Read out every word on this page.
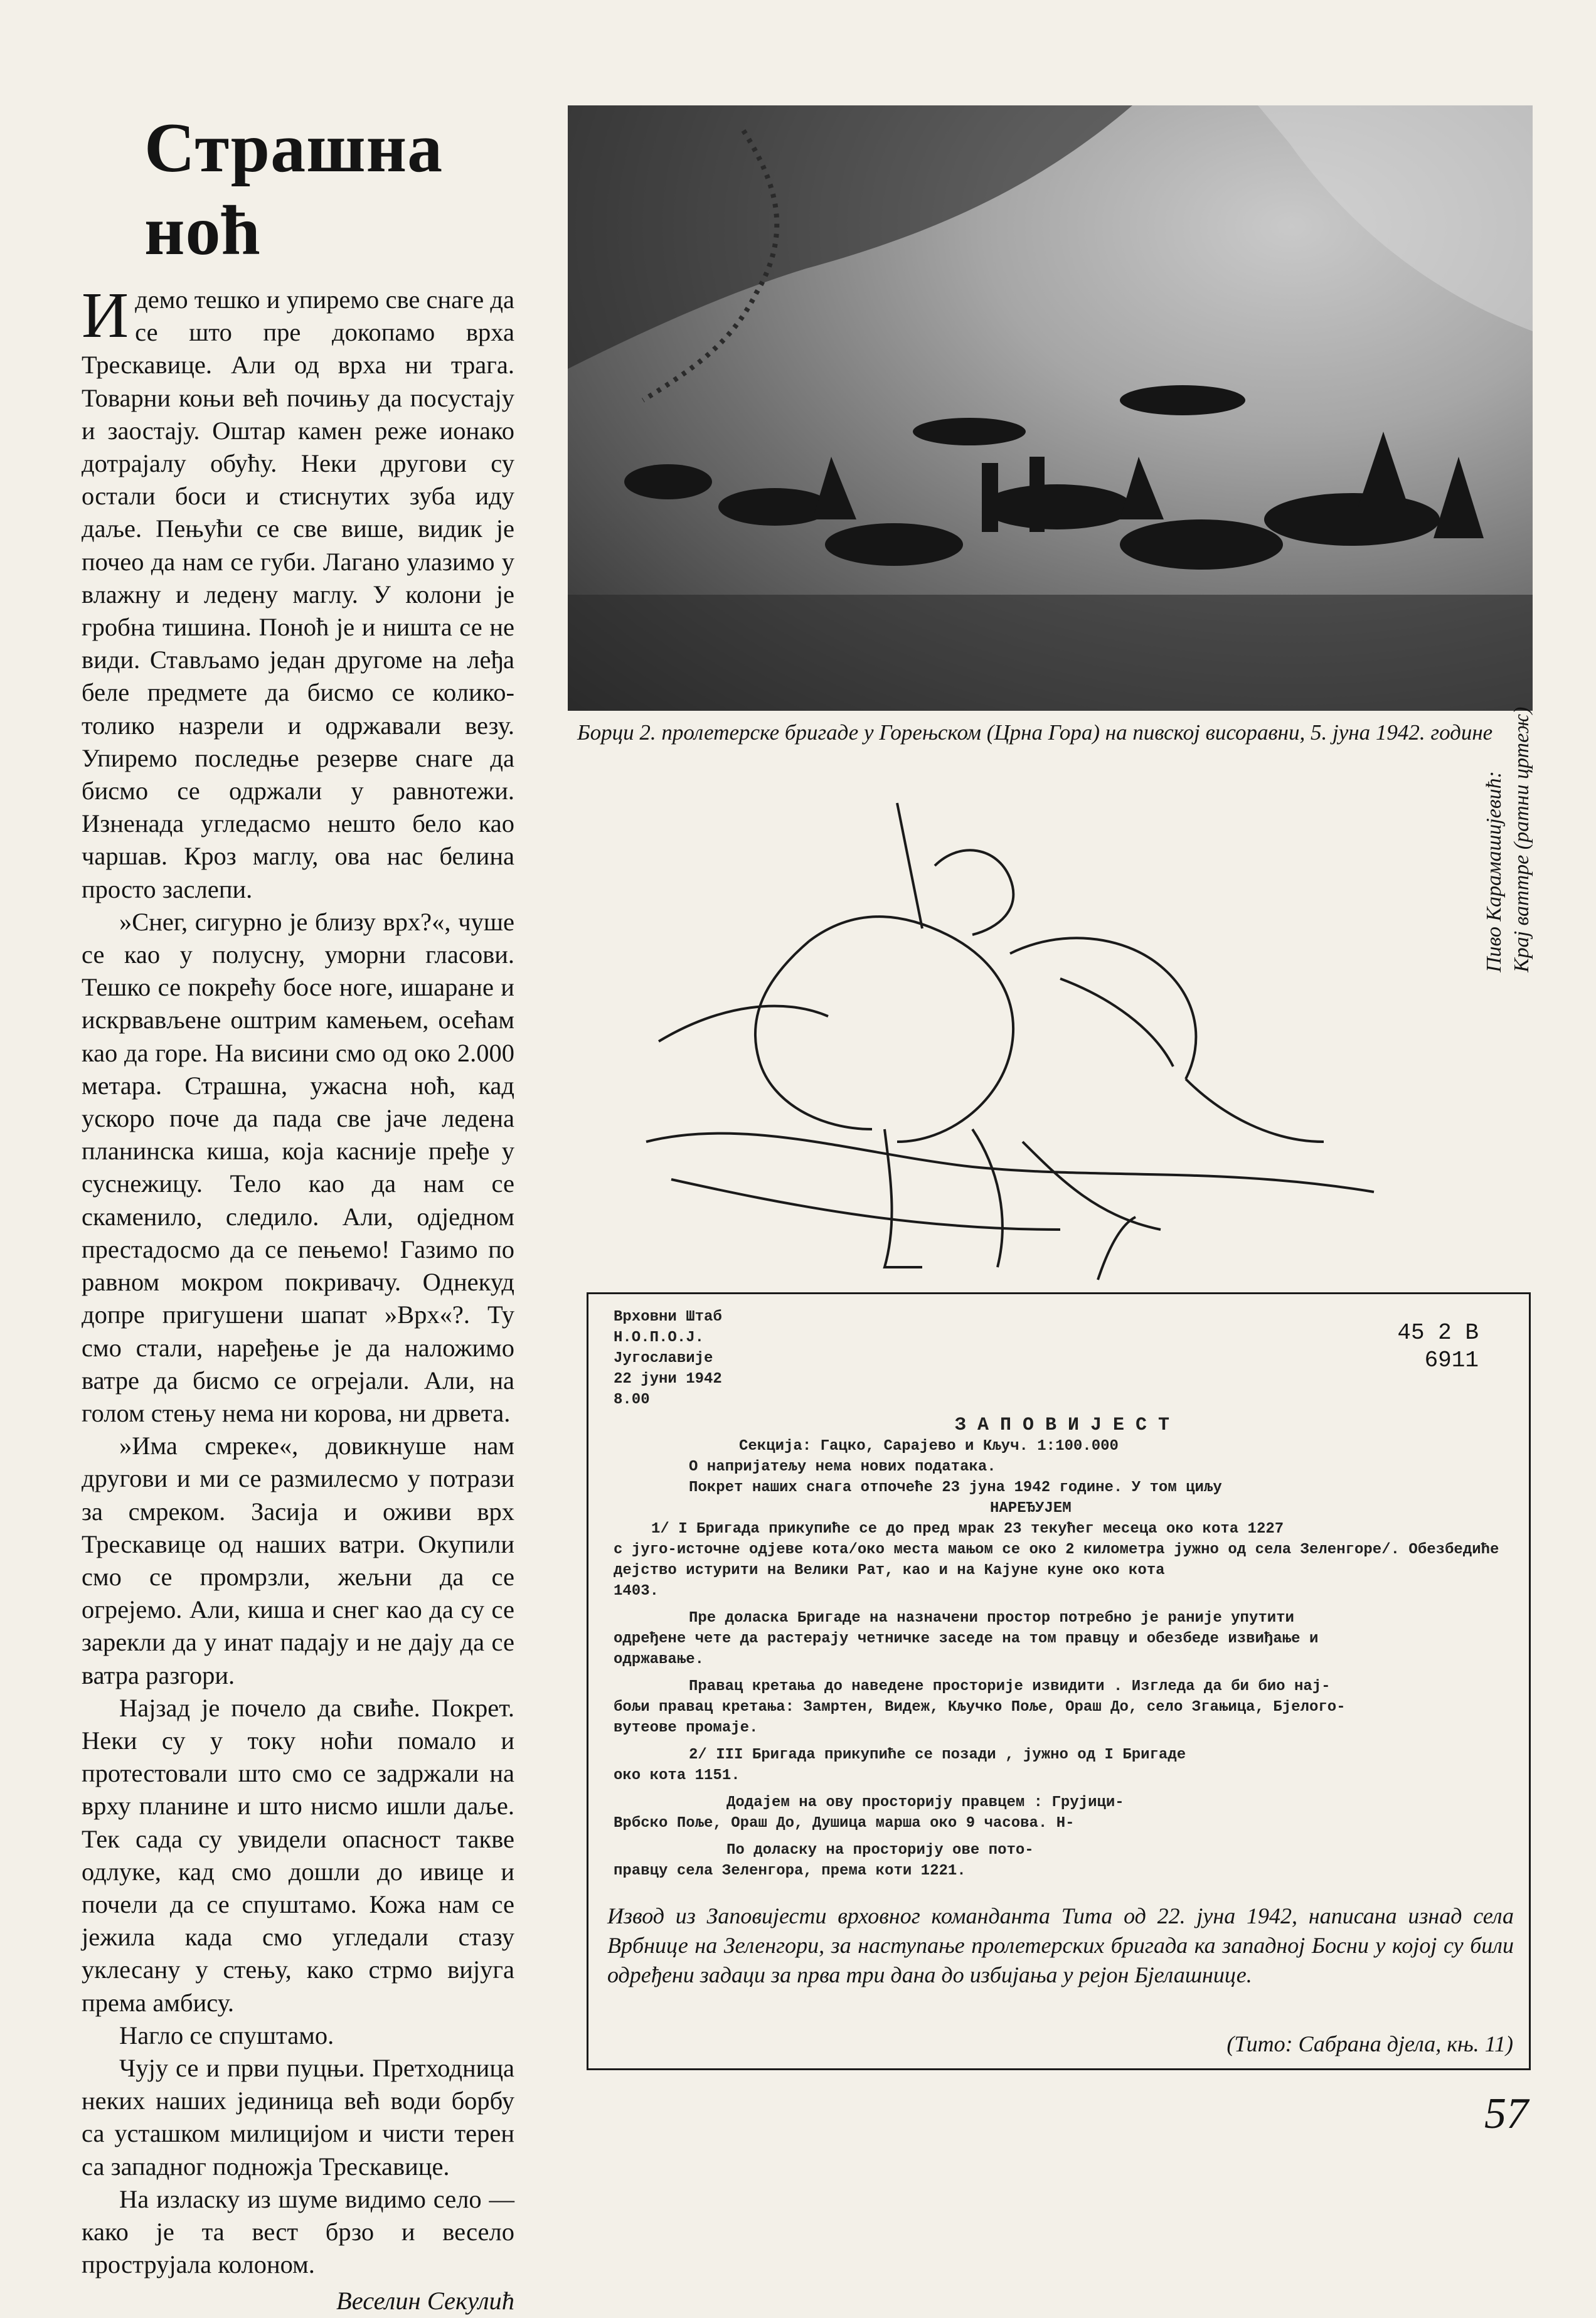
Страшна
ноћ

Идемо тешко и упиремо све снаге да се што пре докопамо врха Трескавице. Али од врха ни трага. Товарни коњи већ почињу да посустају и заостају. Оштар камен реже ионако дотрајалу обућу. Неки другови су остали боси и стиснутих зуба иду даље. Пењући се све више, видик је почео да нам се губи. Лагано улазимо у влажну и ледену маглу. У колони је гробна тишина. Поноћ је и ништа се не види. Стављамо један другоме на леђа беле предмете да бисмо се колико-толико назрели и одржавали везу. Упиремо последње резерве снаге да бисмо се одржали у равнотежи. Изненада угледасмо нешто бело као чаршав. Кроз маглу, ова нас белина просто заслепи.

»Снег, сигурно је близу врх?«, чуше се као у полусну, уморни гласови. Тешко се покрећу босе ноге, ишаране и искрвављене оштрим камењем, осећам као да горе. На висини смо од око 2.000 метара. Страшна, ужасна ноћ, кад ускоро поче да пада све јаче ледена планинска киша, која касније пређе у суснежицу. Тело као да нам се скаменило, следило. Али, одједном престадосмо да се пењемо! Газимо по равном мокром покривачу. Однекуд допре пригушени шапат »Врх«?. Ту смо стали, наређење је да наложимо ватре да бисмо се огрејали. Али, на голом стењу нема ни корова, ни дрвета.

»Има смреке«, довикнуше нам другови и ми се размилесмо у потрази за смреком. Засија и оживи врх Трескавице од наших ватри. Окупили смо се промрзли, жељни да се огрејемо. Али, киша и снег као да су се зарекли да у инат падају и не дају да се ватра разгори.

Најзад је почело да свиће. Покрет. Неки су у току ноћи помало и протестовали што смо се задржали на врху планине и што нисмо ишли даље. Тек сада су увидели опасност такве одлуке, кад смо дошли до ивице и почели да се спуштамо. Кожа нам се јежила када смо угледали стазу уклесану у стењу, како стрмо вијуга према амбису.

Нагло се спуштамо.

Чују се и први пуцњи. Претходница неких наших јединица већ води борбу са усташком милицијом и чисти терен са западног подножја Трескавице.

На изласку из шуме видимо село — како је та вест брзо и весело прострујала колоном.

Веселин Секулић

Борци 2. пролетерске бригаде у Горењском (Црна Гора) на пивској висоравни, 5. јуна 1942. године

Пиво Карамашијевић: Крај ваттре (ратни цртеж)
Врховни Штаб
Н.О.П.О.Ј.
Југославије
22 јуни 1942
8.00
З А П О В И Ј Е С Т
Секција: Гацко, Сарајево и Кључ. 1:100.000
О напријатељу нема нових података.
Покрет наших снага отпочеће 23 јуна 1942 године. У том циљу
НАРЕЂУЈЕМ
1/ I Бригада прикупиће се до пред мрак 23 текућег месеца око кота 1227
с југо-источне одјеве кота/око места мањом се око 2 километра јужно од села Зеленгоре/. Обезбедиће дејство истурити на Велики Рат, као и на Кајуне куне око кота
1403.
Пре доласка Бригаде на назначени простор потребно је раније упутити
одређене чете да растерају четничке заседе на том правцу и обезбеде извиђање и
одржавање.
Правац кретања до наведене просторије извидити . Изгледа да би био нај-
бољи правац кретања: Замртен, Видеж, Кључко Поље, Ораш До, село Згањица, Бјелого-
вутеове промаје.
2/ III Бригада прикупиће се позади , јужно од I Бригаде
око кота 1151.
Додајем на ову просторију правцем : Грујици-
Врбско Поље, Ораш До, Душица марша око 9 часова. Н-
По доласку на просторију ове пото-
правцу села Зеленгора, према коти 1221.
45 2 B
6911

Извод из Заповијести врховног команданта Тита од 22. јуна 1942, написана изнад села Врбнице на Зеленгори, за наступање пролетерских бригада ка западној Босни у којој су били одређени задаци за прва три дана до избијања у рејон Бјелашнице.

(Тито: Сабрана дјела, књ. 11)
57
